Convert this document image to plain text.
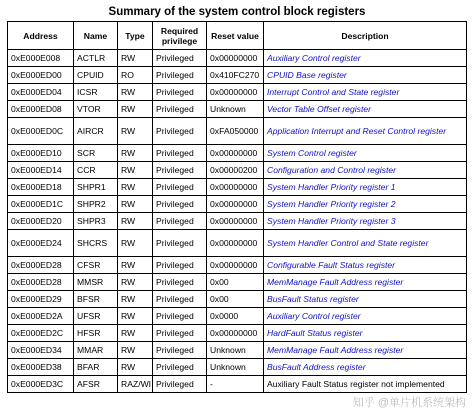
Summary of the system control block registers
Address	Name	Type	Required privilege	Reset value	Description
0xE000E008	ACTLR	RW	Privileged	0x00000000	Auxiliary Control register
0xE000ED00	CPUID	RO	Privileged	0x410FC270	CPUID Base register
0xE000ED04	ICSR	RW	Privileged	0x00000000	Interrupt Control and State register
0xE000ED08	VTOR	RW	Privileged	Unknown	Vector Table Offset register
0xE000ED0C	AIRCR	RW	Privileged	0xFA050000	Application Interrupt and Reset Control register
0xE000ED10	SCR	RW	Privileged	0x00000000	System Control register
0xE000ED14	CCR	RW	Privileged	0x00000200	Configuration and Control register
0xE000ED18	SHPR1	RW	Privileged	0x00000000	System Handler Priority register 1
0xE000ED1C	SHPR2	RW	Privileged	0x00000000	System Handler Priority register 2
0xE000ED20	SHPR3	RW	Privileged	0x00000000	System Handler Priority register 3
0xE000ED24	SHCRS	RW	Privileged	0x00000000	System Handler Control and State register
0xE000ED28	CFSR	RW	Privileged	0x00000000	Configurable Fault Status register
0xE000ED28	MMSR	RW	Privileged	0x00	MemManage Fault Address register
0xE000ED29	BFSR	RW	Privileged	0x00	BusFault Status register
0xE000ED2A	UFSR	RW	Privileged	0x0000	Auxiliary Control register
0xE000ED2C	HFSR	RW	Privileged	0x00000000	HardFault Status register
0xE000ED34	MMAR	RW	Privileged	Unknown	MemManage Fault Address register
0xE000ED38	BFAR	RW	Privileged	Unknown	BusFault Address register
0xE000ED3C	AFSR	RAZ/WI	Privileged	-	Auxiliary Fault Status register not implemented
知乎 @单片机系统架构
